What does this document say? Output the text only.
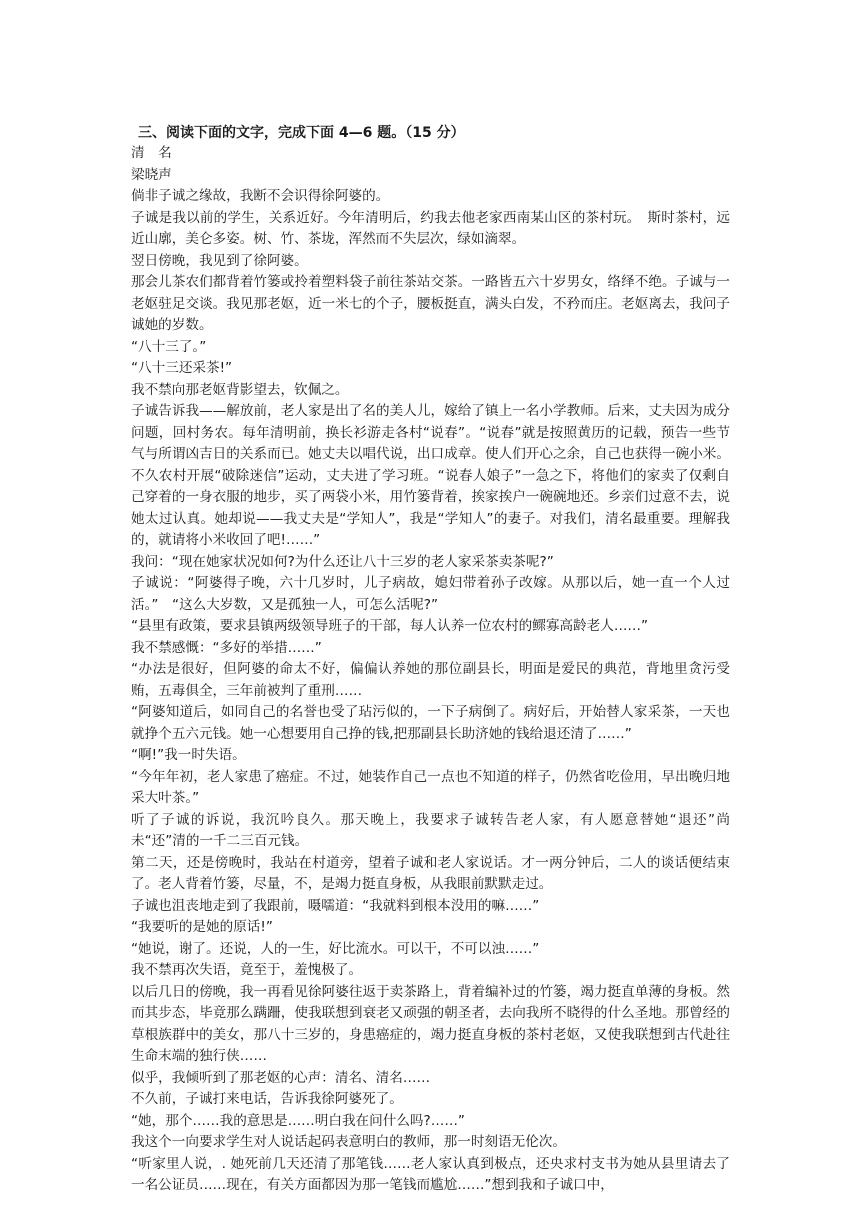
三、阅读下面的文字，完成下面 4—6 题。（15 分）

清　名

梁晓声

倘非子诚之缘故，我断不会识得徐阿婆的。

子诚是我以前的学生，关系近好。今年清明后，约我去他老家西南某山区的茶村玩。　斯时茶村，远近山廓，美仑多姿。树、竹、茶垅，浑然而不失层次，绿如滴翠。

翌日傍晚，我见到了徐阿婆。

那会儿茶农们都背着竹篓或拎着塑料袋子前往茶站交茶。一路皆五六十岁男女，络绎不绝。子诚与一老妪驻足交谈。我见那老妪，近一米七的个子，腰板挺直，满头白发，不矜而庄。老妪离去，我问子诚她的岁数。

“八十三了。”

“八十三还采茶!”

我不禁向那老妪背影望去，钦佩之。

子诚告诉我——解放前，老人家是出了名的美人儿，嫁给了镇上一名小学教师。后来，丈夫因为成分问题，回村务农。每年清明前，换长衫游走各村“说春”。“说春”就是按照黄历的记载，预告一些节气与所谓凶吉日的关系而已。她丈夫以唱代说，出口成章。使人们开心之余，自己也获得一碗小米。不久农村开展“破除迷信”运动，丈夫进了学习班。“说春人娘子”一急之下，将他们的家卖了仅剩自己穿着的一身衣服的地步，买了两袋小米，用竹篓背着，挨家挨户一碗碗地还。乡亲们过意不去，说她太过认真。她却说——我丈夫是“学知人”，我是“学知人”的妻子。对我们，清名最重要。理解我的，就请将小米收回了吧!……”

我问：“现在她家状况如何?为什么还让八十三岁的老人家采茶卖茶呢?”

子诚说：“阿婆得子晚，六十几岁时，儿子病故，媳妇带着孙子改嫁。从那以后，她一直一个人过活。”　“这么大岁数，又是孤独一人，可怎么活呢?”

“县里有政策，要求县镇两级领导班子的干部，每人认养一位农村的鳏寡高龄老人……”

我不禁感慨：“多好的举措……”

“办法是很好，但阿婆的命太不好，偏偏认养她的那位副县长，明面是爱民的典范，背地里贪污受贿，五毒俱全，三年前被判了重刑……

“阿婆知道后，如同自己的名誉也受了玷污似的，一下子病倒了。病好后，开始替人家采茶，一天也就挣个五六元钱。她一心想要用自己挣的钱,把那副县长助济她的钱给退还清了……”

“啊!”我一时失语。

“今年年初，老人家患了癌症。不过，她装作自己一点也不知道的样子，仍然省吃俭用，早出晚归地采大叶茶。”

听了子诚的诉说，我沉吟良久。那天晚上，我要求子诚转告老人家，有人愿意替她“退还”尚未“还”清的一千二三百元钱。

第二天，还是傍晚时，我站在村道旁，望着子诚和老人家说话。才一两分钟后，二人的谈话便结束了。老人背着竹篓，尽量，不，是竭力挺直身板，从我眼前默默走过。

子诚也沮丧地走到了我跟前，嗫嚅道：“我就料到根本没用的嘛……”

“我要听的是她的原话!”

“她说，谢了。还说，人的一生，好比流水。可以干，不可以浊……”

我不禁再次失语，竟至于，羞愧极了。

以后几日的傍晚，我一再看见徐阿婆往返于卖茶路上，背着编补过的竹篓，竭力挺直单薄的身板。然而其步态，毕竟那么蹒跚，使我联想到衰老又顽强的朝圣者，去向我所不晓得的什么圣地。那曾经的草根族群中的美女，那八十三岁的，身患癌症的，竭力挺直身板的茶村老妪，又使我联想到古代赴往生命末端的独行侠……

似乎，我倾听到了那老妪的心声：清名、清名……

不久前，子诚打来电话，告诉我徐阿婆死了。

“她，那个……我的意思是……明白我在问什么吗?……”

我这个一向要求学生对人说话起码表意明白的教师，那一时刻语无伦次。

“听家里人说，. 她死前几天还清了那笔钱……老人家认真到极点，还央求村支书为她从县里请去了一名公证员……现在，有关方面都因为那一笔钱而尴尬……”想到我和子诚口中，
